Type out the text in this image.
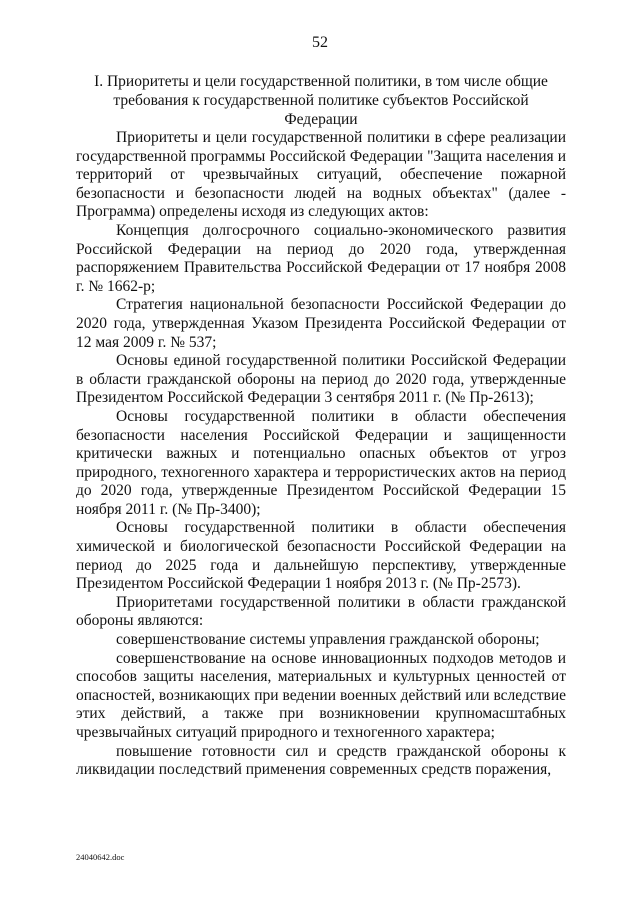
52
I. Приоритеты и цели государственной политики, в том числе общие требования к государственной политике субъектов Российской Федерации

Приоритеты и цели государственной политики в сфере реализации государственной программы Российской Федерации "Защита населения и территорий от чрезвычайных ситуаций, обеспечение пожарной безопасности и безопасности людей на водных объектах" (далее - Программа) определены исходя из следующих актов:

Концепция долгосрочного социально-экономического развития Российской Федерации на период до 2020 года, утвержденная распоряжением Правительства Российской Федерации от 17 ноября 2008 г. № 1662-р;

Стратегия национальной безопасности Российской Федерации до 2020 года, утвержденная Указом Президента Российской Федерации от 12 мая 2009 г. № 537;

Основы единой государственной политики Российской Федерации в области гражданской обороны на период до 2020 года, утвержденные Президентом Российской Федерации 3 сентября 2011 г. (№ Пр-2613);

Основы государственной политики в области обеспечения безопасности населения Российской Федерации и защищенности критически важных и потенциально опасных объектов от угроз природного, техногенного характера и террористических актов на период до 2020 года, утвержденные Президентом Российской Федерации 15 ноября 2011 г. (№ Пр-3400);

Основы государственной политики в области обеспечения химической и биологической безопасности Российской Федерации на период до 2025 года и дальнейшую перспективу, утвержденные Президентом Российской Федерации 1 ноября 2013 г. (№ Пр-2573).

Приоритетами государственной политики в области гражданской обороны являются:

совершенствование системы управления гражданской обороны;

совершенствование на основе инновационных подходов методов и способов защиты населения, материальных и культурных ценностей от опасностей, возникающих при ведении военных действий или вследствие этих действий, а также при возникновении крупномасштабных чрезвычайных ситуаций природного и техногенного характера;

повышение готовности сил и средств гражданской обороны к ликвидации последствий применения современных средств поражения,

24040642.doc
